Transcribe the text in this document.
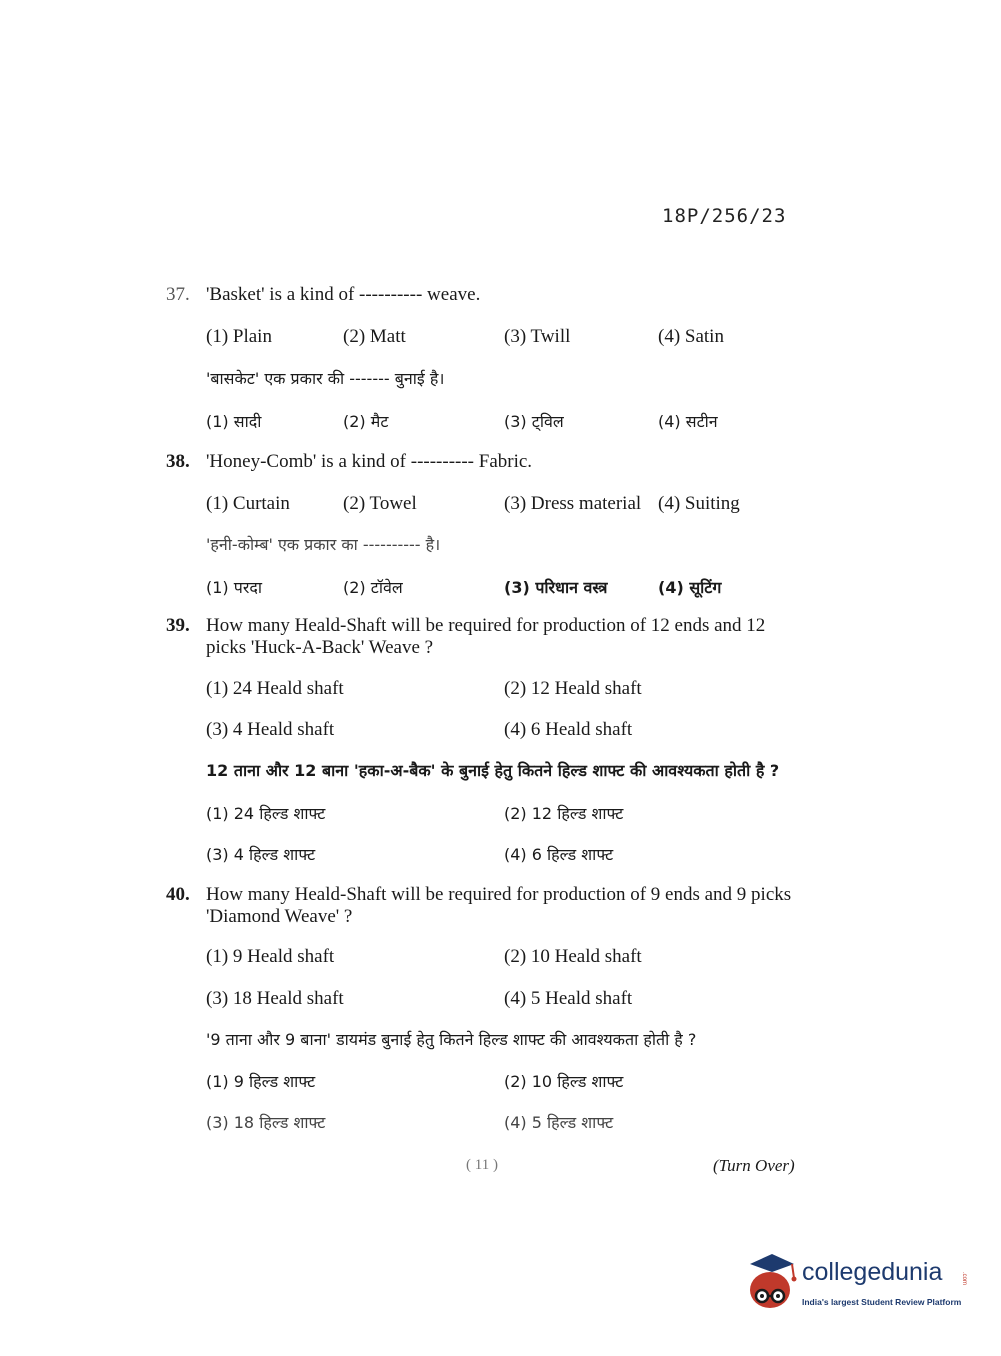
18P/256/23
37. 'Basket' is a kind of ---------- weave.
(1) Plain	(2) Matt	(3) Twill	(4) Satin
'बासकेट' एक प्रकार की ------- बुनाई है।
(1) सादी	(2) मैट	(3) ट्विल	(4) सटीन
38. 'Honey-Comb' is a kind of ---------- Fabric.
(1) Curtain	(2) Towel	(3) Dress material (4) Suiting
'हनी-कोम्ब' एक प्रकार का ---------- है।
(1) परदा	(2) टॉवेल	(3) परिधान वस्त्र	(4) सूटिंग
39. How many Heald-Shaft will be required for production of 12 ends and 12 picks 'Huck-A-Back' Weave ?
(1) 24 Heald shaft	(2) 12 Heald shaft
(3) 4 Heald shaft	(4) 6 Heald shaft
12 ताना और 12 बाना 'हका-अ-बैक' के बुनाई हेतु कितने हिल्ड शाफ्ट की आवश्यकता होती है ?
(1) 24 हिल्ड शाफ्ट	(2) 12 हिल्ड शाफ्ट
(3) 4 हिल्ड शाफ्ट	(4) 6 हिल्ड शाफ्ट
40. How many Heald-Shaft will be required for production of 9 ends and 9 picks 'Diamond Weave' ?
(1) 9 Heald shaft	(2) 10 Heald shaft
(3) 18 Heald shaft	(4) 5 Heald shaft
'9 ताना और 9 बाना' डायमंड बुनाई हेतु कितने हिल्ड शाफ्ट की आवश्यकता होती है ?
(1) 9 हिल्ड शाफ्ट	(2) 10 हिल्ड शाफ्ट
(3) 18 हिल्ड शाफ्ट	(4) 5 हिल्ड शाफ्ट
( 11 )	(Turn Over)
collegedunia	.com
India's largest Student Review Platform
